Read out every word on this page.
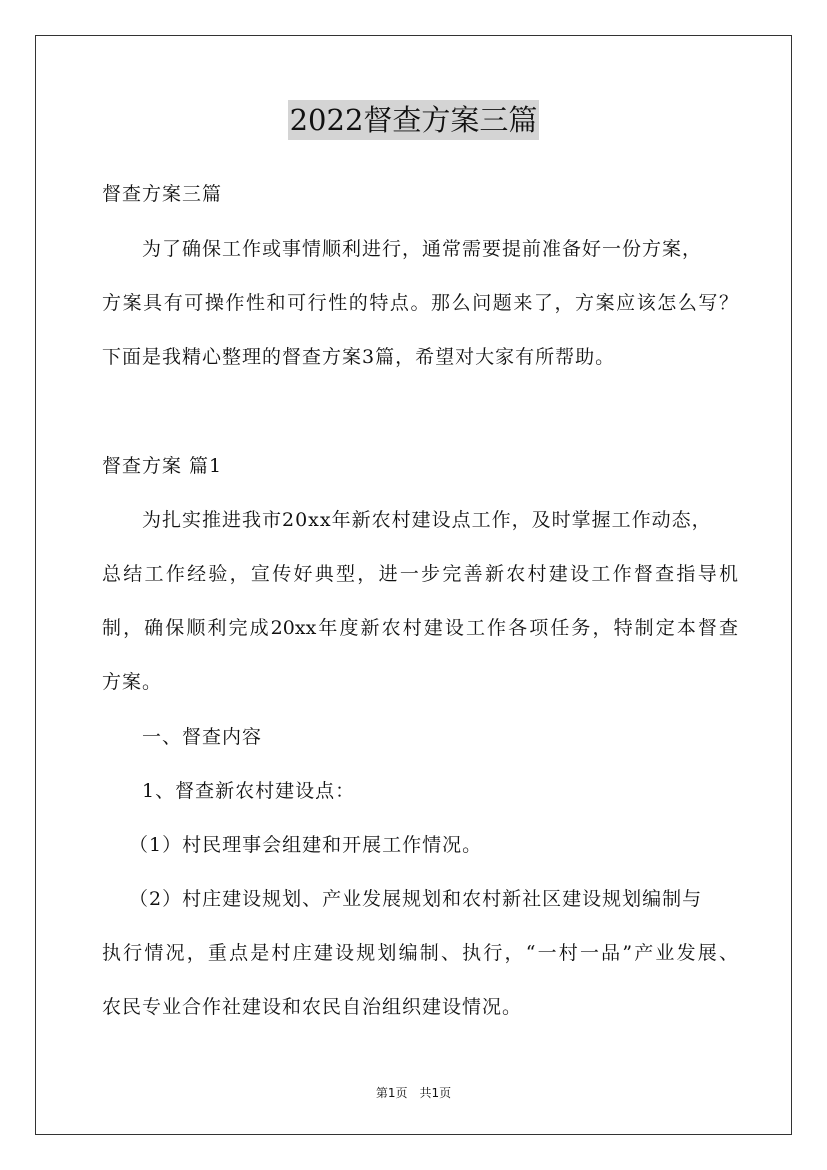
2022督查方案三篇
督查方案三篇
　　为了确保工作或事情顺利进行，通常需要提前准备好一份方案，
方案具有可操作性和可行性的特点。那么问题来了，方案应该怎么写？
下面是我精心整理的督查方案3篇，希望对大家有所帮助。
督查方案 篇1
　　为扎实推进我市20xx年新农村建设点工作，及时掌握工作动态，
总结工作经验，宣传好典型，进一步完善新农村建设工作督查指导机
制，确保顺利完成20xx年度新农村建设工作各项任务，特制定本督查
方案。
　　一、督查内容
　　1、督查新农村建设点：
　 （1）村民理事会组建和开展工作情况。
　 （2）村庄建设规划、产业发展规划和农村新社区建设规划编制与
执行情况，重点是村庄建设规划编制、执行，“一村一品”产业发展、
农民专业合作社建设和农民自治组织建设情况。
第1页　共1页
